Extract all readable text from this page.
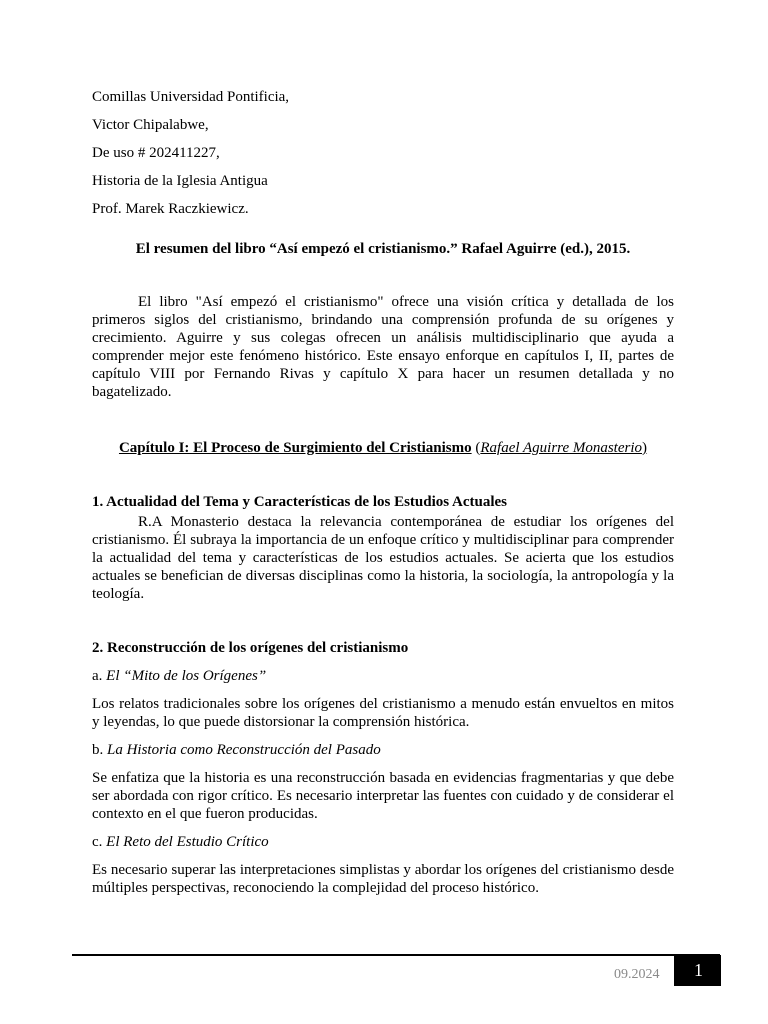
Comillas Universidad Pontificia,
Victor Chipalabwe,
De uso # 202411227,
Historia de la Iglesia Antigua
Prof. Marek Raczkiewicz.
El resumen del libro “Así empezó el cristianismo.” Rafael Aguirre (ed.), 2015.

El libro "Así empezó el cristianismo" ofrece una visión crítica y detallada de los primeros siglos del cristianismo, brindando una comprensión profunda de su orígenes y crecimiento. Aguirre y sus colegas ofrecen un análisis multidisciplinario que ayuda a comprender mejor este fenómeno histórico. Este ensayo enforque en capítulos I, II, partes de capítulo VIII por Fernando Rivas y capítulo X para hacer un resumen detallada y no bagatelizado.

Capítulo I: El Proceso de Surgimiento del Cristianismo (Rafael Aguirre Monasterio)

1. Actualidad del Tema y Características de los Estudios Actuales

R.A Monasterio destaca la relevancia contemporánea de estudiar los orígenes del cristianismo. Él subraya la importancia de un enfoque crítico y multidisciplinar para comprender la actualidad del tema y características de los estudios actuales. Se acierta que los estudios actuales se benefician de diversas disciplinas como la historia, la sociología, la antropología y la teología.

2. Reconstrucción de los orígenes del cristianismo

a. El “Mito de los Orígenes”

Los relatos tradicionales sobre los orígenes del cristianismo a menudo están envueltos en mitos y leyendas, lo que puede distorsionar la comprensión histórica.

b. La Historia como Reconstrucción del Pasado

Se enfatiza que la historia es una reconstrucción basada en evidencias fragmentarias y que debe ser abordada con rigor crítico. Es necesario interpretar las fuentes con cuidado y de considerar el contexto en el que fueron producidas.

c. El Reto del Estudio Crítico

Es necesario superar las interpretaciones simplistas y abordar los orígenes del cristianismo desde múltiples perspectivas, reconociendo la complejidad del proceso histórico.

09.2024	1
